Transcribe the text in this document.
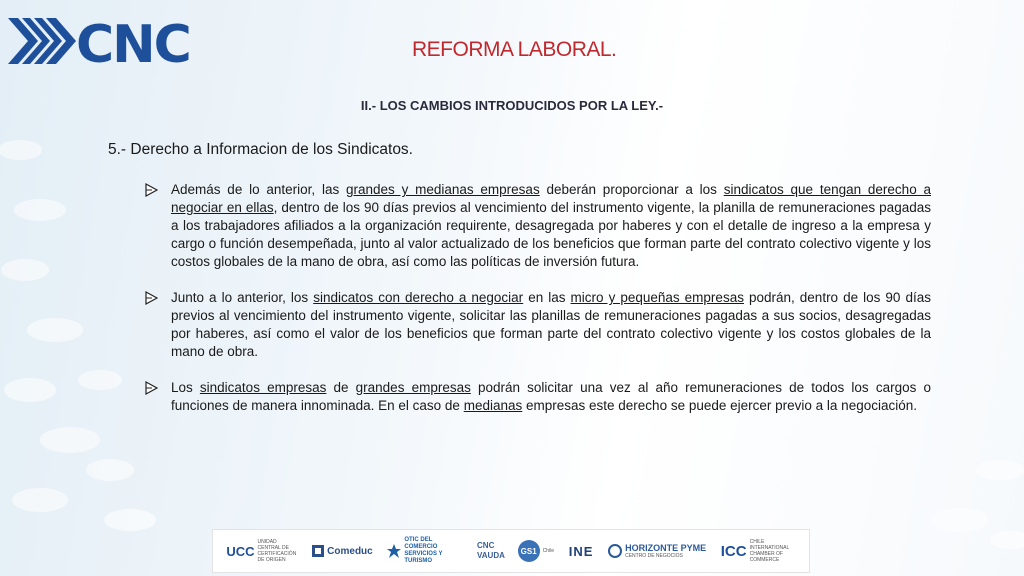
CNC	REFORMA LABORAL.
II.- LOS CAMBIOS INTRODUCIDOS POR LA LEY.-
5.- Derecho a Informacion de los Sindicatos.
Además de lo anterior, las grandes y medianas empresas deberán proporcionar a los sindicatos que tengan derecho a negociar en ellas, dentro de los 90 días previos al vencimiento del instrumento vigente, la planilla de remuneraciones pagadas a los trabajadores afiliados a la organización requirente, desagregada por haberes y con el detalle de ingreso a la empresa y cargo o función desempeñada, junto al valor actualizado de los beneficios que forman parte del contrato colectivo vigente y los costos globales de la mano de obra, así como las políticas de inversión futura.
Junto a lo anterior, los sindicatos con derecho a negociar en las micro y pequeñas empresas podrán, dentro de los 90 días previos al vencimiento del instrumento vigente, solicitar las planillas de remuneraciones pagadas a sus socios, desagregadas por haberes, así como el valor de los beneficios que forman parte del contrato colectivo vigente y los costos globales de la mano de obra.
Los sindicatos empresas de grandes empresas podrán solicitar una vez al año remuneraciones de todos los cargos o funciones de manera innominada. En el caso de medianas empresas este derecho se puede ejercer previo a la negociación.
UCC
UNIDAD CENTRAL DE CERTIFICACIÓN DE ORIGEN
Comeduc
OTIC DEL COMERCIO SERVICIOS Y TURISMO
CNC VAUDA	GS1	Chile INE	HORIZONTE PYME
CENTRO DE NEGOCIOS	ICC
CHILE INTERNATIONAL CHAMBER OF COMMERCE
